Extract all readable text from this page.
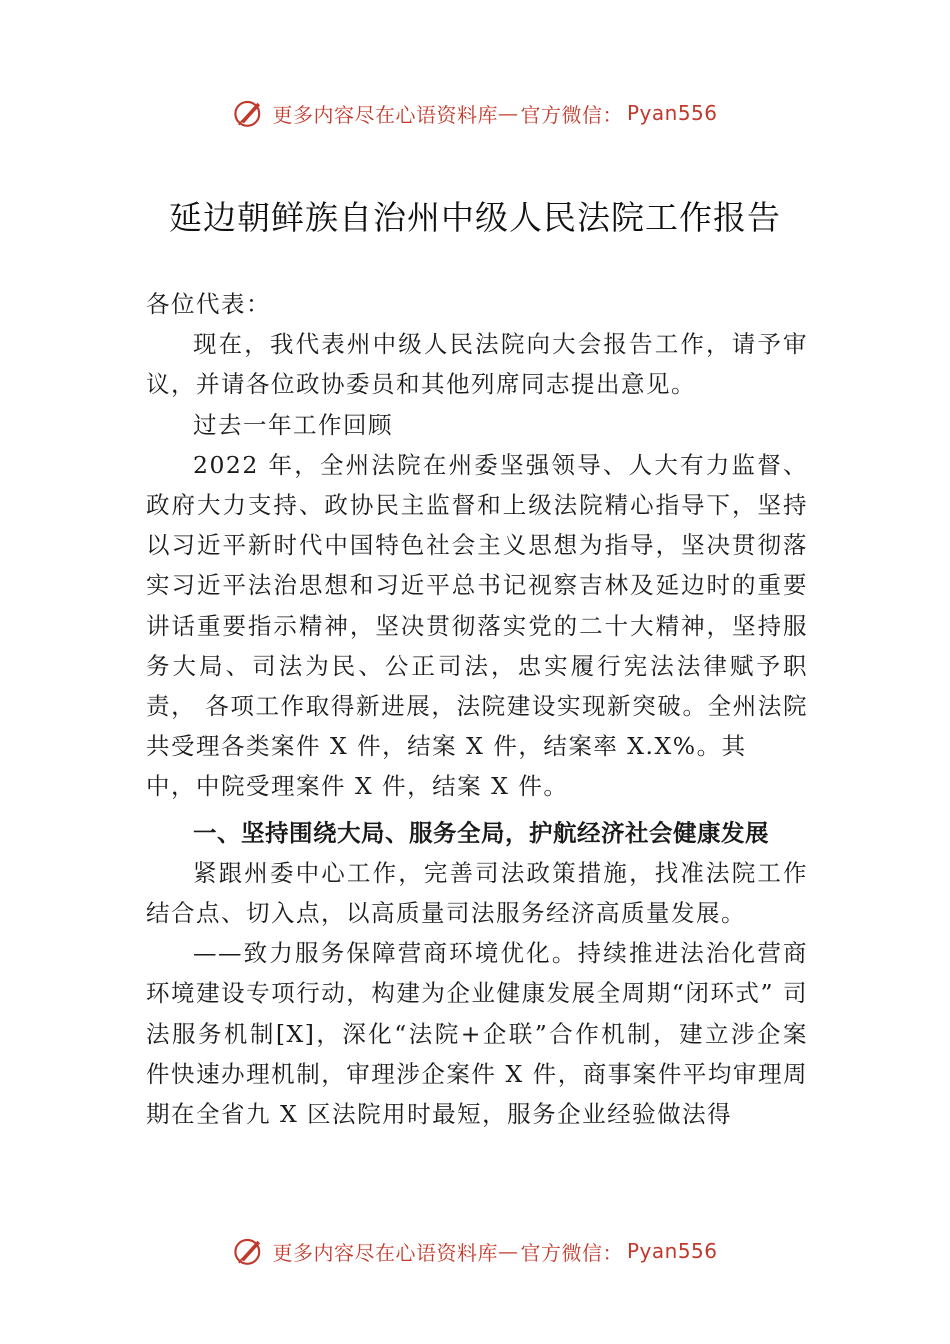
更多内容尽在心语资料库 — 官方微信： Pyan556
延边朝鲜族自治州中级人民法院工作报告

各位代表：

现在，我代表州中级人民法院向大会报告工作，请予审议，并请各位政协委员和其他列席同志提出意见。

过去一年工作回顾

2022 年，全州法院在州委坚强领导、人大有力监督、政府大力支持、政协民主监督和上级法院精心指导下，坚持以习近平新时代中国特色社会主义思想为指导，坚决贯彻落实习近平法治思想和习近平总书记视察吉林及延边时的重要讲话重要指示精神，坚决贯彻落实党的二十大精神，坚持服务大局、司法为民、公正司法，忠实履行宪法法律赋予职责， 各项工作取得新进展，法院建设实现新突破。全州法院共受理各类案件 X 件，结案 X 件，结案率 X.X%。其

中，中院受理案件 X 件，结案 X 件。

一、坚持围绕大局、服务全局，护航经济社会健康发展

紧跟州委中心工作，完善司法政策措施，找准法院工作结合点、切入点，以高质量司法服务经济高质量发展。

——致力服务保障营商环境优化。持续推进法治化营商环境建设专项行动，构建为企业健康发展全周期“闭环式” 司法服务机制[X]，深化“法院+企联”合作机制，建立涉企案件快速办理机制，审理涉企案件 X 件，商事案件平均审理周期在全省九 X 区法院用时最短，服务企业经验做法得

更多内容尽在心语资料库 — 官方微信： Pyan556
